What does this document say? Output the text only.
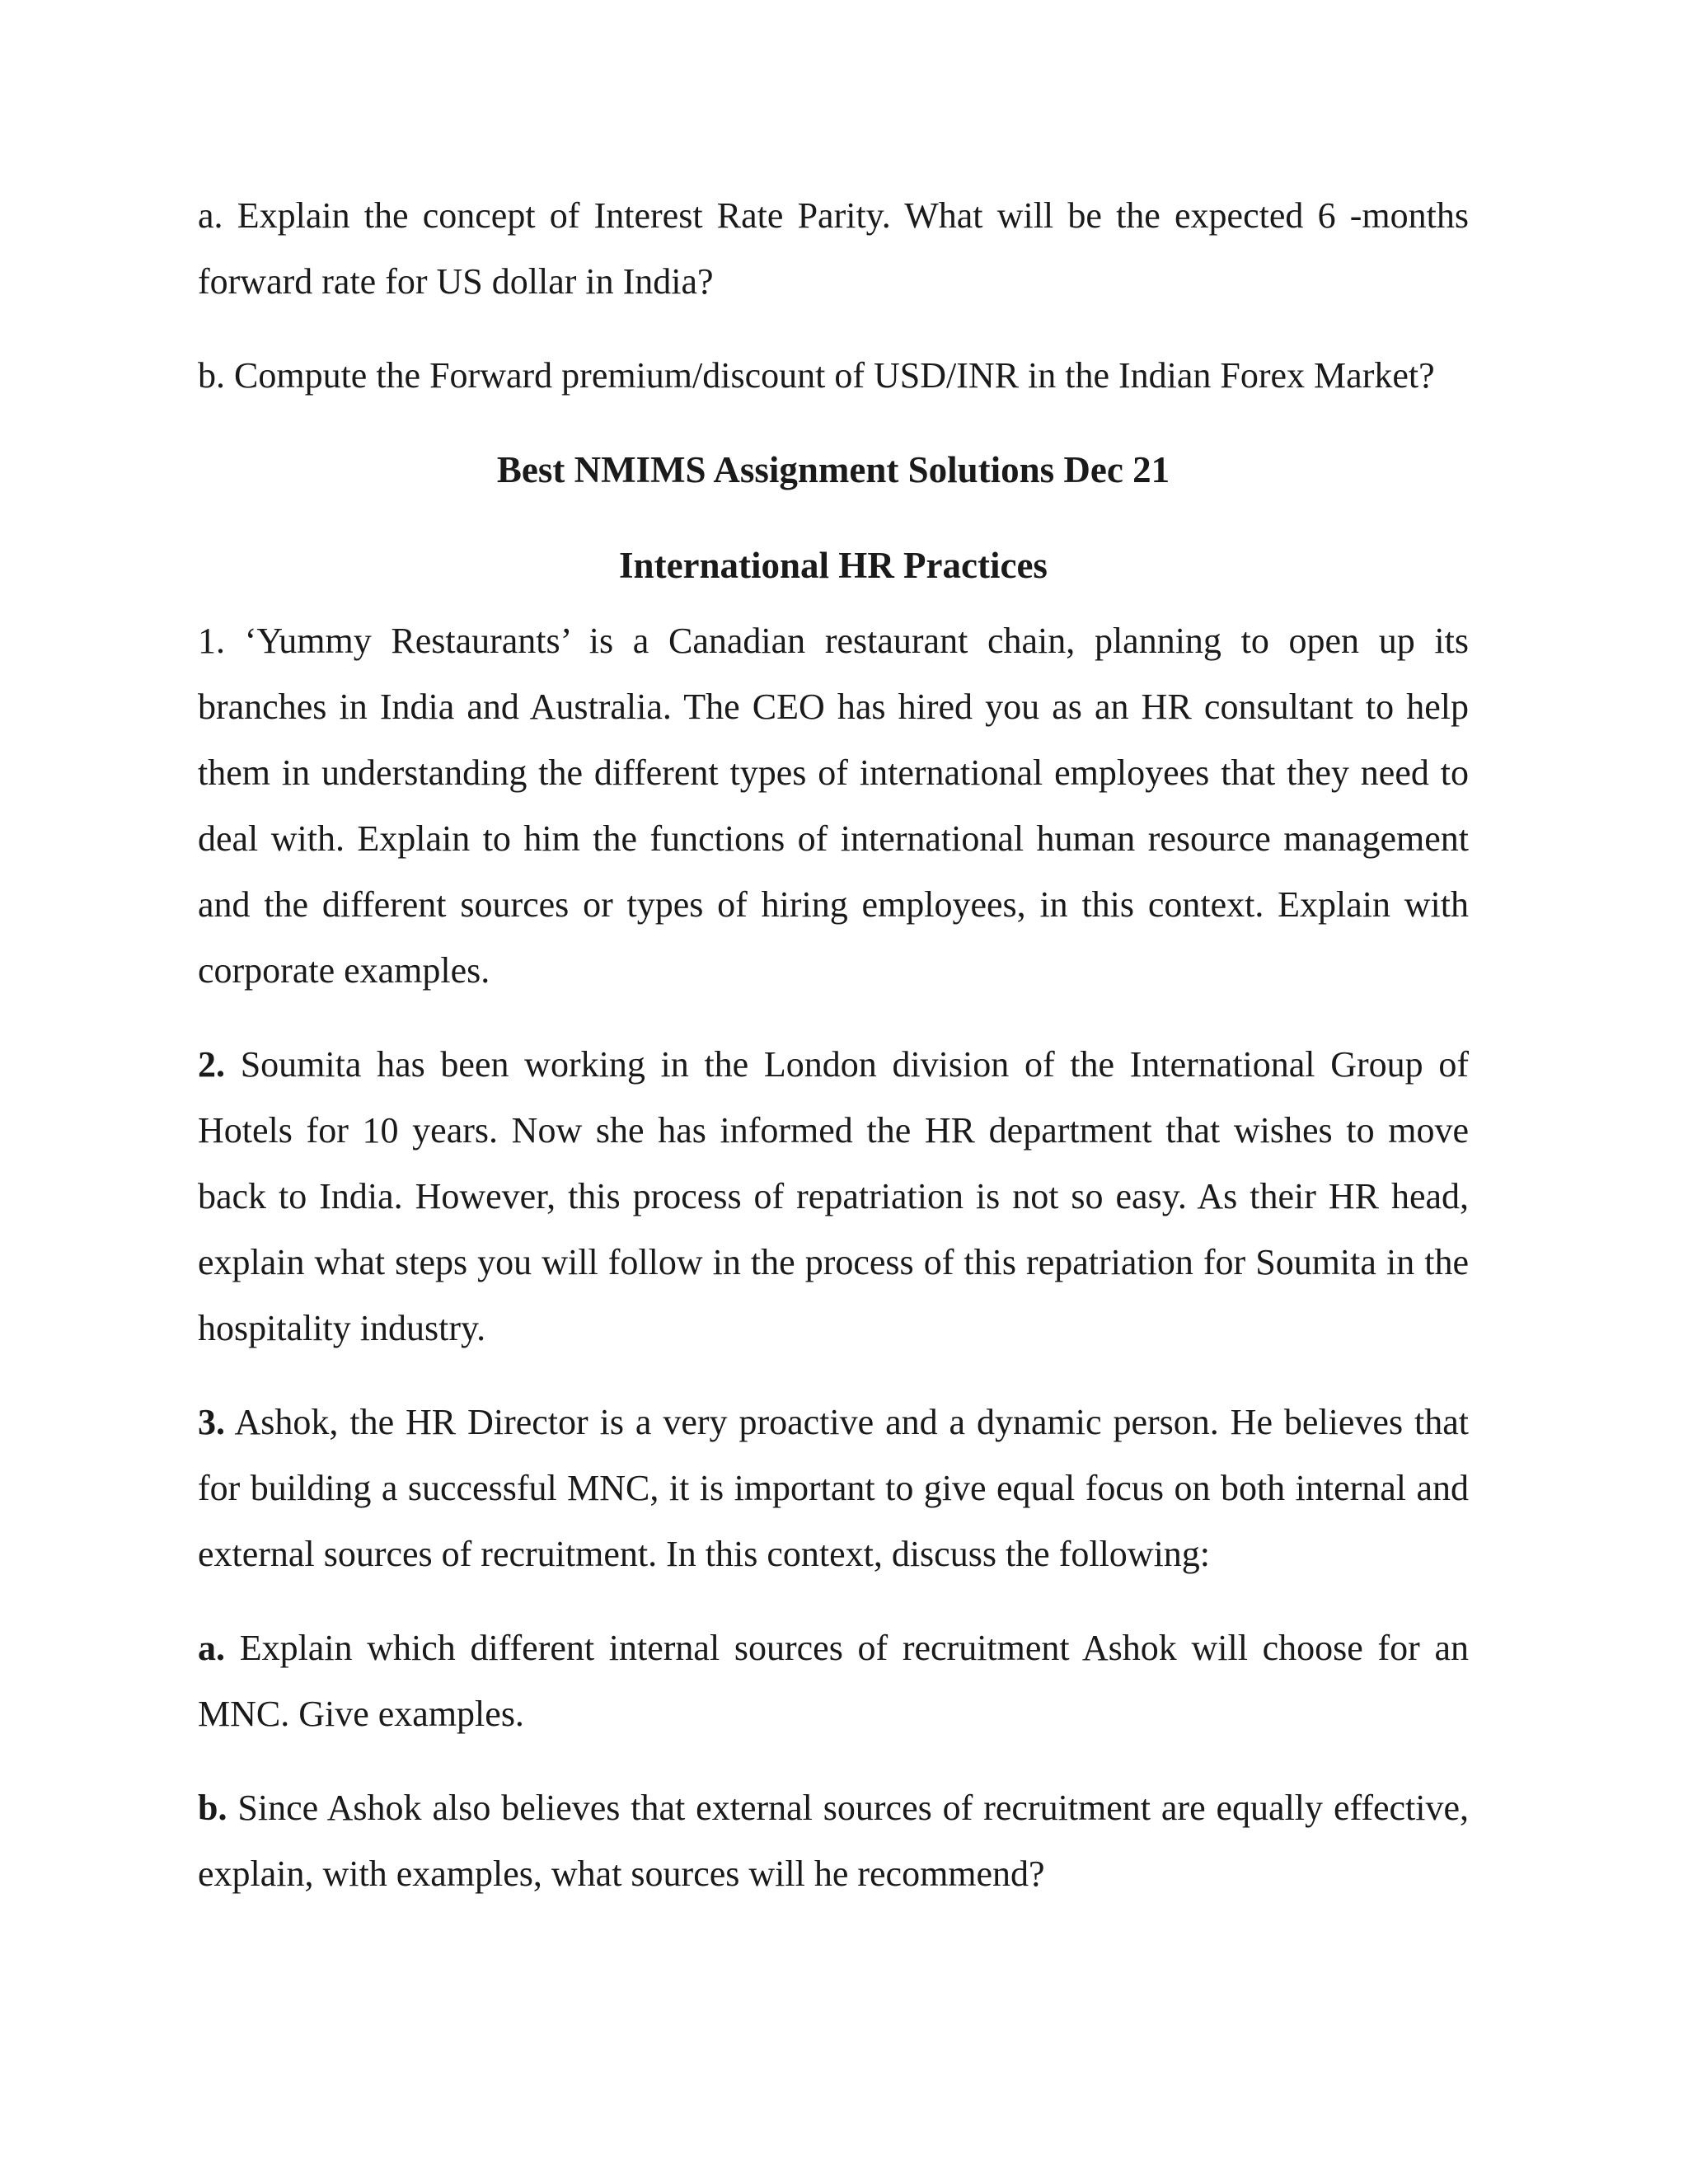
a. Explain the concept of Interest Rate Parity. What will be the expected 6 -months forward rate for US dollar in India?

b. Compute the Forward premium/discount of USD/INR in the Indian Forex Market?

Best NMIMS Assignment Solutions Dec 21
International HR Practices

1. ‘Yummy Restaurants’ is a Canadian restaurant chain, planning to open up its branches in India and Australia. The CEO has hired you as an HR consultant to help them in understanding the different types of international employees that they need to deal with. Explain to him the functions of international human resource management and the different sources or types of hiring employees, in this context. Explain with corporate examples.

2. Soumita has been working in the London division of the International Group of Hotels for 10 years. Now she has informed the HR department that wishes to move back to India. However, this process of repatriation is not so easy. As their HR head, explain what steps you will follow in the process of this repatriation for Soumita in the hospitality industry.

3. Ashok, the HR Director is a very proactive and a dynamic person. He believes that for building a successful MNC, it is important to give equal focus on both internal and external sources of recruitment. In this context, discuss the following:

a. Explain which different internal sources of recruitment Ashok will choose for an MNC. Give examples.

b. Since Ashok also believes that external sources of recruitment are equally effective, explain, with examples, what sources will he recommend?
